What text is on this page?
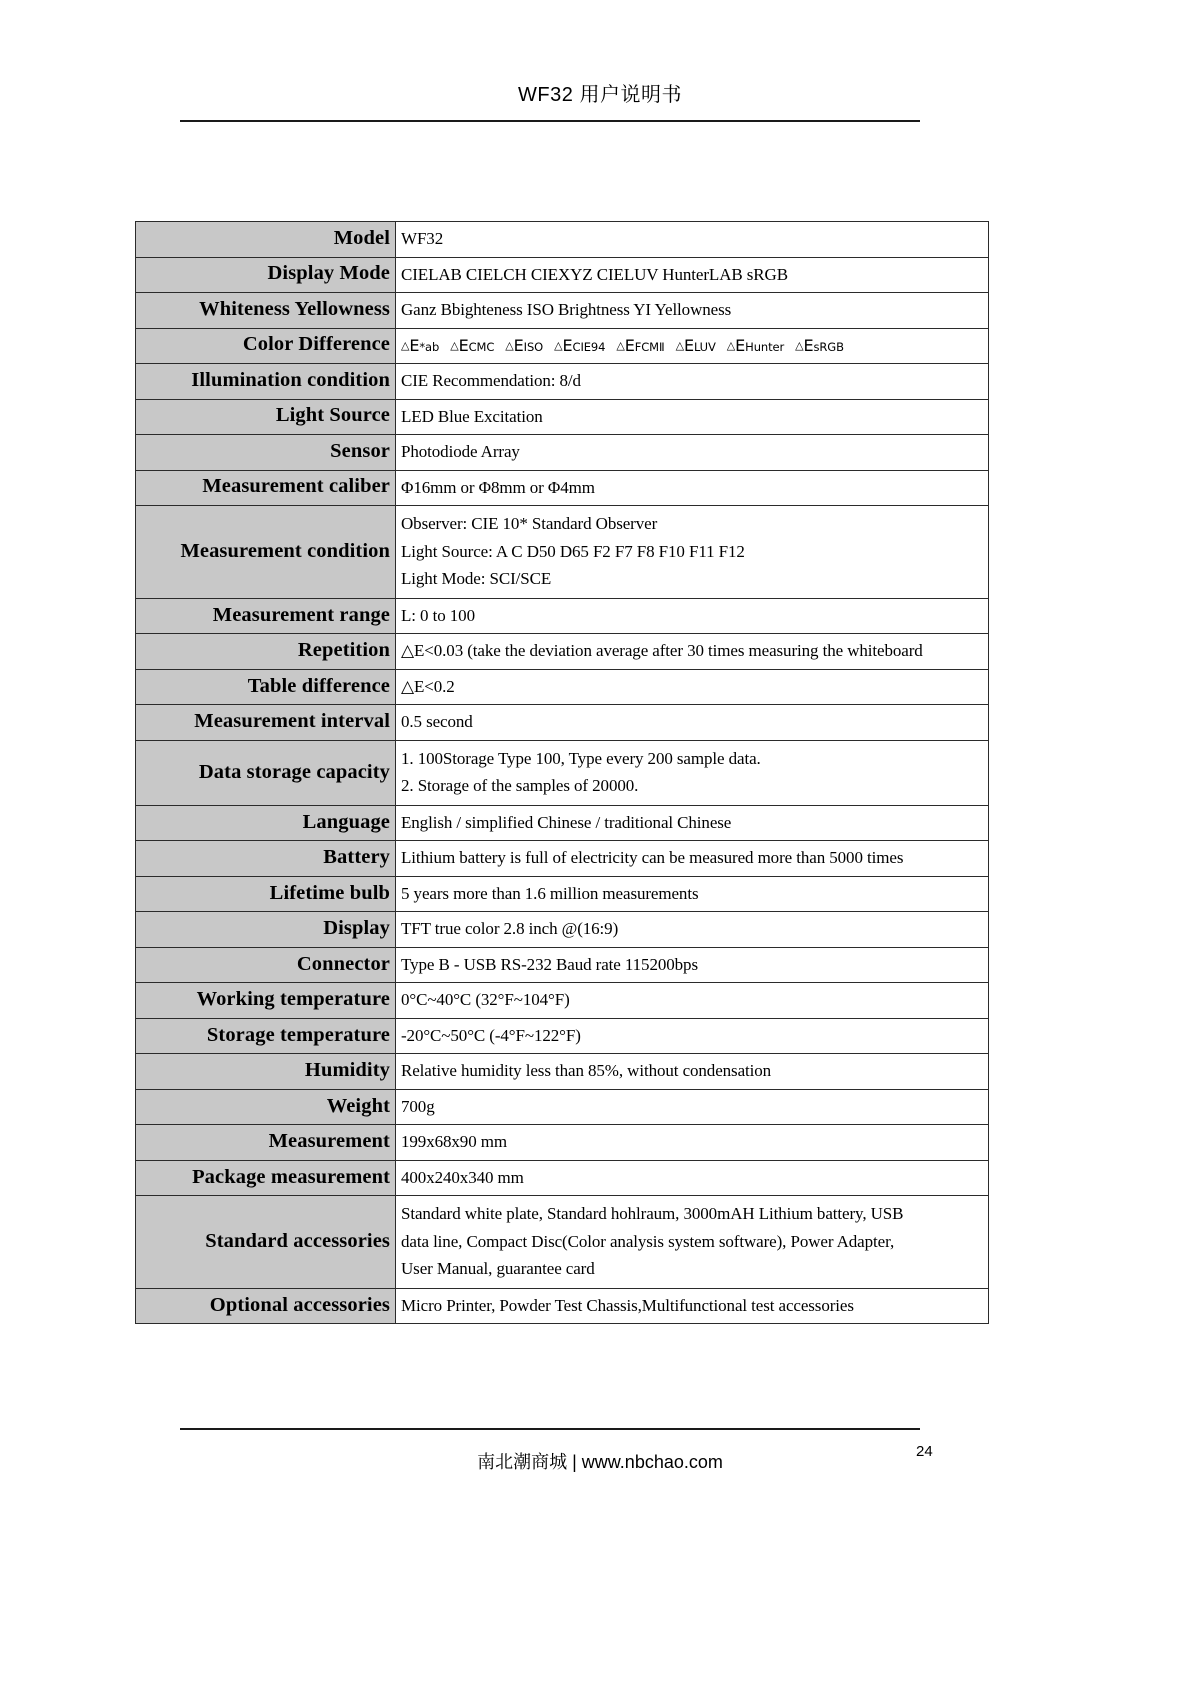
WF32 用户说明书
Model	WF32
Display Mode	CIELAB CIELCH CIEXYZ CIELUV HunterLAB sRGB
Whiteness Yellowness	Ganz Bbighteness ISO Brightness YI Yellowness
Color Difference	△E*ab △ECMC △EISO △ECIE94 △EFCMⅡ △ELUV △EHunter △EsRGB
Illumination condition	CIE Recommendation: 8/d
Light Source	LED Blue Excitation
Sensor	Photodiode Array
Measurement caliber	Φ16mm or Φ8mm or Φ4mm
Measurement condition	Observer: CIE 10* Standard Observer
Light Source: A C D50 D65 F2 F7 F8 F10 F11 F12
Light Mode: SCI/SCE

Measurement range	L: 0 to 100
Repetition	△E<0.03 (take the deviation average after 30 times measuring the whiteboard
Table difference	△E<0.2
Measurement interval	0.5 second
Data storage capacity	1. 100Storage Type 100, Type every 200 sample data.
2. Storage of the samples of 20000.

Language	English / simplified Chinese / traditional Chinese
Battery	Lithium battery is full of electricity can be measured more than 5000 times
Lifetime bulb	5 years more than 1.6 million measurements
Display	TFT true color 2.8 inch @(16:9)
Connector	Type B - USB RS-232 Baud rate 115200bps
Working temperature	0°C~40°C (32°F~104°F)
Storage temperature	-20°C~50°C (-4°F~122°F)
Humidity	Relative humidity less than 85%, without condensation
Weight	700g
Measurement	199x68x90 mm
Package measurement	400x240x340 mm
Standard accessories	Standard white plate, Standard hohlraum, 3000mAH Lithium battery, USB
data line, Compact Disc(Color analysis system software), Power Adapter,
User Manual, guarantee card

Optional accessories	Micro Printer, Powder Test Chassis,Multifunctional test accessories
南北潮商城 | www.nbchao.com
24
